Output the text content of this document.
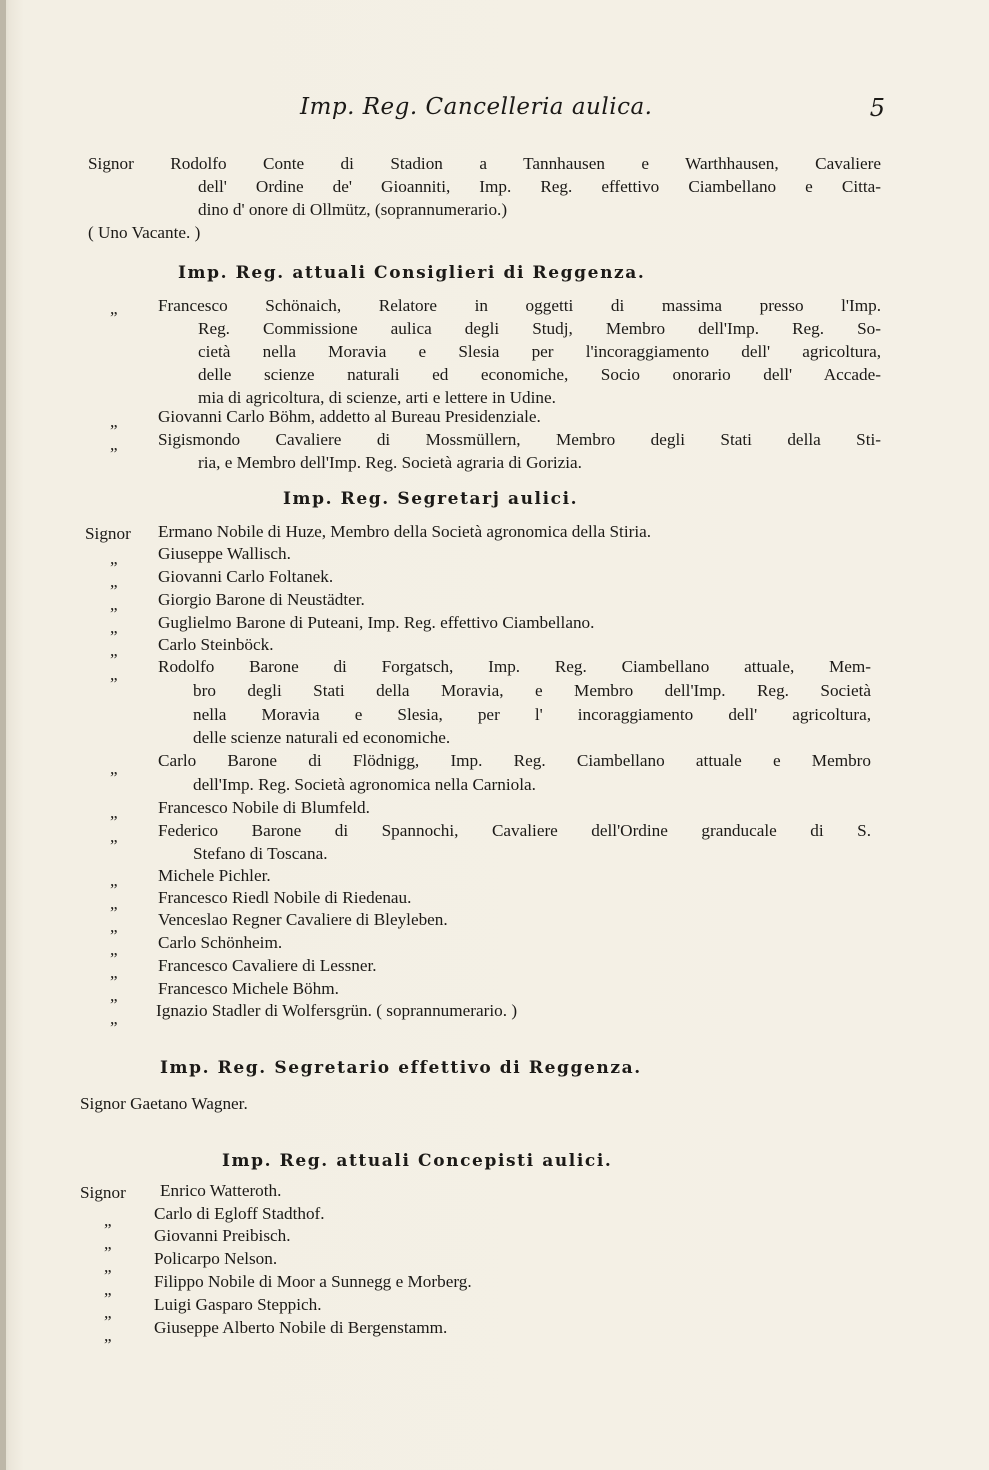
Imp. Reg. Cancelleria aulica.	5
Signor Rodolfo Conte di Stadion a Tannhausen e Warthhausen, Cavaliere
dell' Ordine de' Gioanniti, Imp. Reg. effettivo Ciambellano e Citta-
dino d' onore di Ollmütz, (soprannumerario.)
( Uno Vacante. )
Imp. Reg. attuali Consiglieri di Reggenza.
„ Francesco Schönaich, Relatore in oggetti di massima presso l'Imp.
Reg. Commissione aulica degli Studj, Membro dell'Imp. Reg. So-
cietà nella Moravia e Slesia per l'incoraggiamento dell' agricoltura,
delle scienze naturali ed economiche, Socio onorario dell' Accade-
mia di agricoltura, di scienze, arti e lettere in Udine.
„ Giovanni Carlo Böhm, addetto al Bureau Presidenziale.
„ Sigismondo Cavaliere di Mossmüllern, Membro degli Stati della Sti-
ria, e Membro dell'Imp. Reg. Società agraria di Gorizia.
Imp. Reg. Segretarj aulici.
Signor Ermano Nobile di Huze, Membro della Società agronomica della Stiria.
„ Giuseppe Wallisch.
„ Giovanni Carlo Foltanek.
„ Giorgio Barone di Neustädter.
„ Guglielmo Barone di Puteani, Imp. Reg. effettivo Ciambellano.
„ Carlo Steinböck.
„ Rodolfo Barone di Forgatsch, Imp. Reg. Ciambellano attuale, Mem-
bro degli Stati della Moravia, e Membro dell'Imp. Reg. Società
nella Moravia e Slesia, per l' incoraggiamento dell' agricoltura,
delle scienze naturali ed economiche.
„ Carlo Barone di Flödnigg, Imp. Reg. Ciambellano attuale e Membro
dell'Imp. Reg. Società agronomica nella Carniola.
„ Francesco Nobile di Blumfeld.
„ Federico Barone di Spannochi, Cavaliere dell'Ordine granducale di S.
Stefano di Toscana.
„ Michele Pichler.
„ Francesco Riedl Nobile di Riedenau.
„ Venceslao Regner Cavaliere di Bleyleben.
„ Carlo Schönheim.
„ Francesco Cavaliere di Lessner.
„ Francesco Michele Böhm.
„ Ignazio Stadler di Wolfersgrün. ( soprannumerario. )
Imp. Reg. Segretario effettivo di Reggenza.
Signor Gaetano Wagner.
Imp. Reg. attuali Concepisti aulici.
Signor Enrico Watteroth.
„ Carlo di Egloff Stadthof.
„ Giovanni Preibisch.
„ Policarpo Nelson.
„ Filippo Nobile di Moor a Sunnegg e Morberg.
„ Luigi Gasparo Steppich.
„ Giuseppe Alberto Nobile di Bergenstamm.
